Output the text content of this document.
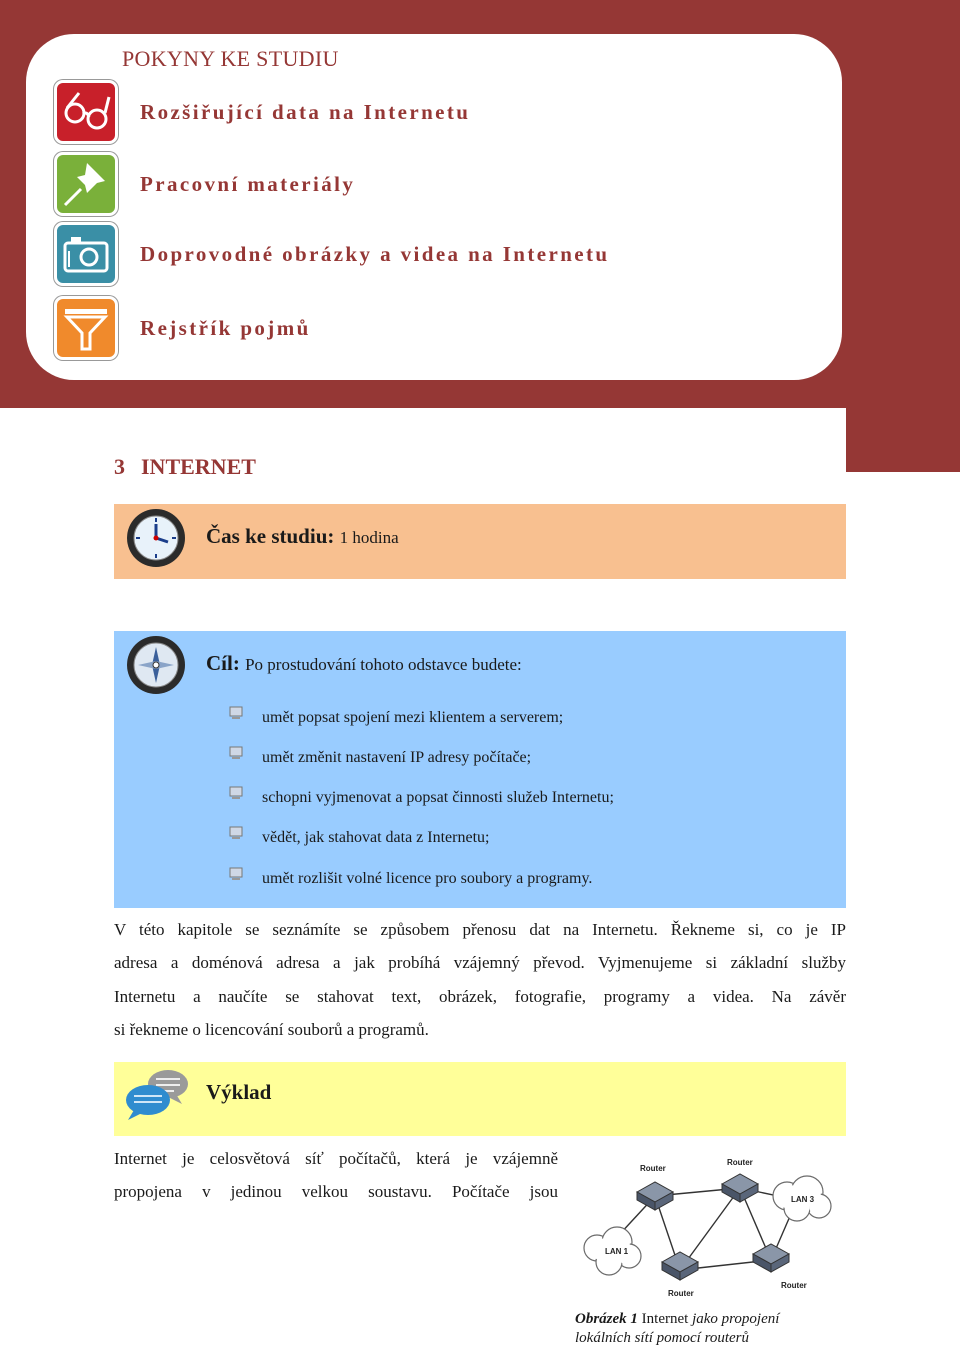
POKYNY KE STUDIU
Rozšiřující data na Internetu
Pracovní materiály
Doprovodné obrázky a videa na Internetu
Rejstřík pojmů
3 INTERNET
Čas ke studiu: 1 hodina
Cíl: Po prostudování tohoto odstavce budete:
umět popsat spojení mezi klientem a serverem;
umět změnit nastavení IP adresy počítače;
schopni vyjmenovat a popsat činnosti služeb Internetu;
vědět, jak stahovat data z Internetu;
umět rozlišit volné licence pro soubory a programy.
V této kapitole se seznámíte se způsobem přenosu dat na Internetu. Řekneme si, co je IP
adresa a doménová adresa a jak probíhá vzájemný převod. Vyjmenujeme si základní služby
Internetu a naučíte se stahovat text, obrázek, fotografie, programy a videa. Na závěr
si řekneme o licencování souborů a programů.
Výklad
Internet je celosvětová síť počítačů, která je vzájemně
propojena v jedinou velkou soustavu. Počítače jsou
Router
Router
LAN 3
LAN 1
Router
Router
Obrázek 1 Internet jako propojení
lokálních sítí pomocí routerů
